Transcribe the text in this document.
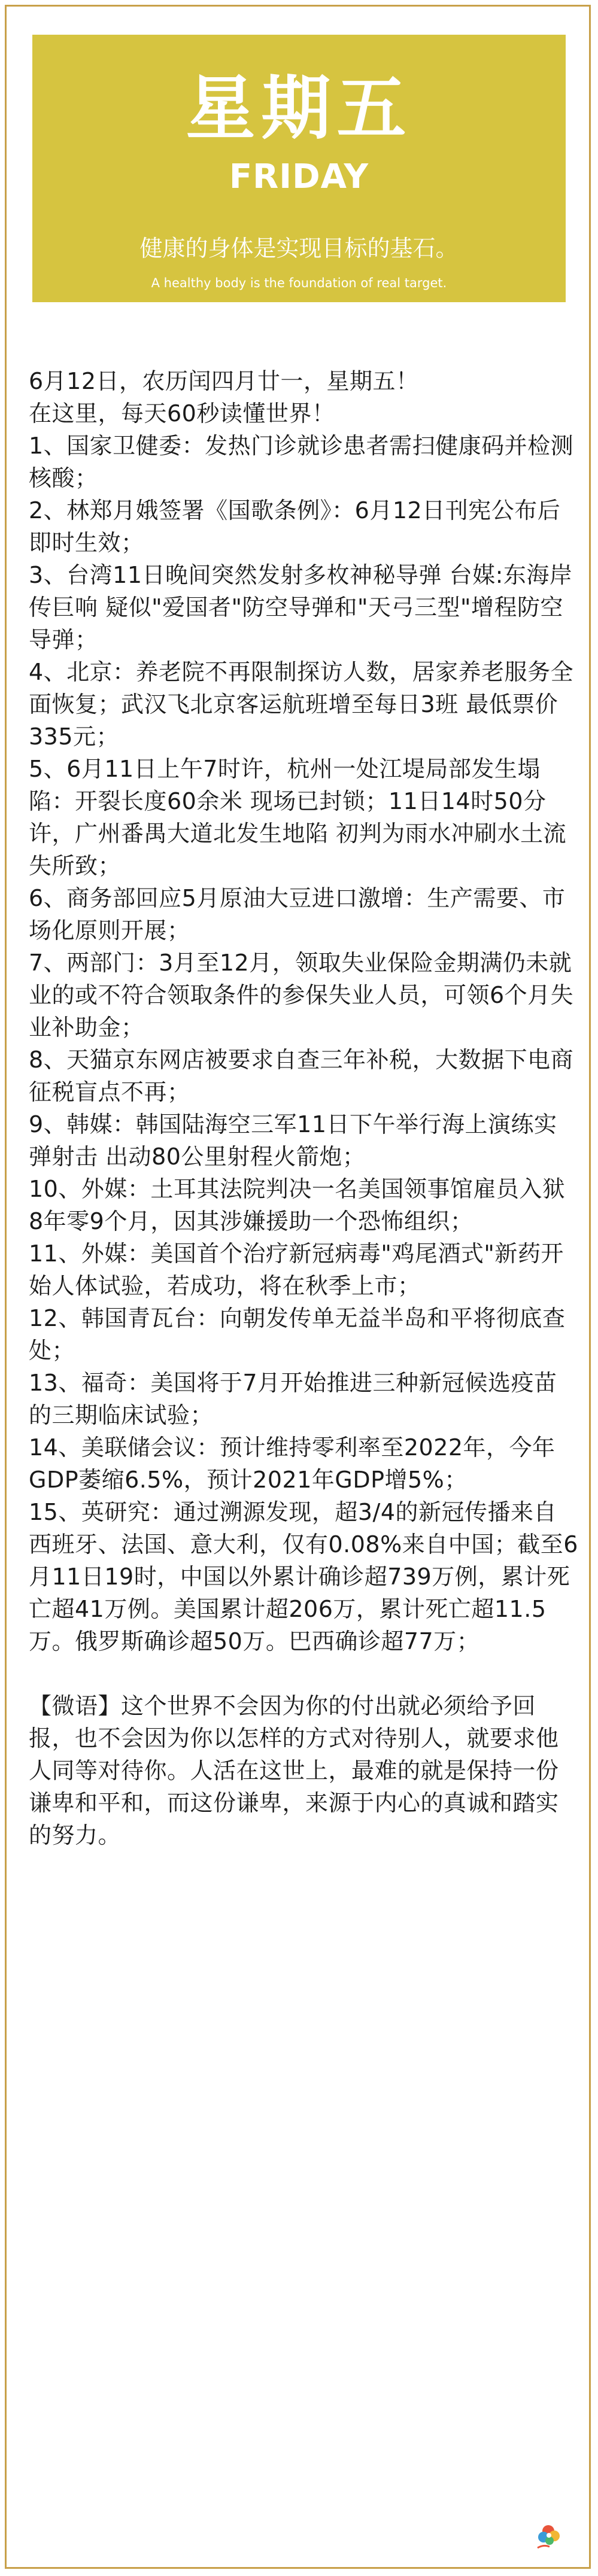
星期五
FRIDAY
健康的身体是实现目标的基石。
A healthy body is the foundation of real target.

6月12日，农历闰四月廿一，星期五！

在这里，每天60秒读懂世界！

1、国家卫健委：发热门诊就诊患者需扫健康码并检测核酸；
2、林郑月娥签署《国歌条例》：6月12日刊宪公布后即时生效；
3、台湾11日晚间突然发射多枚神秘导弹 台媒:东海岸传巨响 疑似"爱国者"防空导弹和"天弓三型"增程防空导弹；
4、北京：养老院不再限制探访人数，居家养老服务全面恢复；武汉飞北京客运航班增至每日3班 最低票价335元；
5、6月11日上午7时许，杭州一处江堤局部发生塌陷：开裂长度60余米 现场已封锁；11日14时50分许，广州番禺大道北发生地陷 初判为雨水冲刷水土流失所致；
6、商务部回应5月原油大豆进口激增：生产需要、市场化原则开展；
7、两部门：3月至12月，领取失业保险金期满仍未就业的或不符合领取条件的参保失业人员，可领6个月失业补助金；
8、天猫京东网店被要求自查三年补税，大数据下电商征税盲点不再；
9、韩媒：韩国陆海空三军11日下午举行海上演练实弹射击 出动80公里射程火箭炮；
10、外媒：土耳其法院判决一名美国领事馆雇员入狱8年零9个月，因其涉嫌援助一个恐怖组织；
11、外媒：美国首个治疗新冠病毒"鸡尾酒式"新药开始人体试验，若成功，将在秋季上市；
12、韩国青瓦台：向朝发传单无益半岛和平将彻底查处；
13、福奇：美国将于7月开始推进三种新冠候选疫苗的三期临床试验；
14、美联储会议：预计维持零利率至2022年，今年GDP萎缩6.5%，预计2021年GDP增5%；
15、英研究：通过溯源发现，超3/4的新冠传播来自西班牙、法国、意大利，仅有0.08%来自中国；截至6月11日19时，中国以外累计确诊超739万例，累计死亡超41万例。美国累计超206万，累计死亡超11.5万。俄罗斯确诊超50万。巴西确诊超77万；

【微语】这个世界不会因为你的付出就必须给予回报，也不会因为你以怎样的方式对待别人，就要求他人同等对待你。人活在这世上，最难的就是保持一份谦卑和平和，而这份谦卑，来源于内心的真诚和踏实的努力。
